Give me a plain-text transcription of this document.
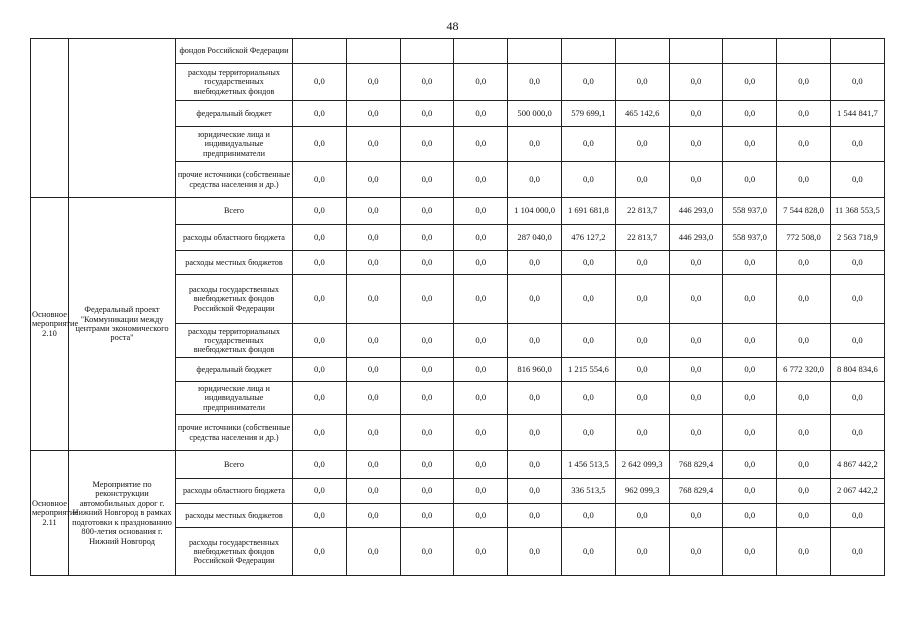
48
		фондов Российской Федерации											
		расходы территориальных государственных внебюджетных фондов	0,0	0,0	0,0	0,0	0,0	0,0	0,0	0,0	0,0	0,0	0,0
		федеральный бюджет	0,0	0,0	0,0	0,0	500 000,0	579 699,1	465 142,6	0,0	0,0	0,0	1 544 841,7
		юридические лица и индивидуальные предприниматели	0,0	0,0	0,0	0,0	0,0	0,0	0,0	0,0	0,0	0,0	0,0
		прочие источники (собственные средства населения и др.)	0,0	0,0	0,0	0,0	0,0	0,0	0,0	0,0	0,0	0,0	0,0
Основное мероприятие 2.10	Федеральный проект "Коммуникации между центрами экономического роста"	Всего	0,0	0,0	0,0	0,0	1 104 000,0	1 691 681,8	22 813,7	446 293,0	558 937,0	7 544 828,0	11 368 553,5
		расходы областного бюджета	0,0	0,0	0,0	0,0	287 040,0	476 127,2	22 813,7	446 293,0	558 937,0	772 508,0	2 563 718,9
		расходы местных бюджетов	0,0	0,0	0,0	0,0	0,0	0,0	0,0	0,0	0,0	0,0	0,0
		расходы государственных внебюджетных фондов Российской Федерации	0,0	0,0	0,0	0,0	0,0	0,0	0,0	0,0	0,0	0,0	0,0
		расходы территориальных государственных внебюджетных фондов	0,0	0,0	0,0	0,0	0,0	0,0	0,0	0,0	0,0	0,0	0,0
		федеральный бюджет	0,0	0,0	0,0	0,0	816 960,0	1 215 554,6	0,0	0,0	0,0	6 772 320,0	8 804 834,6
		юридические лица и индивидуальные предприниматели	0,0	0,0	0,0	0,0	0,0	0,0	0,0	0,0	0,0	0,0	0,0
		прочие источники (собственные средства населения и др.)	0,0	0,0	0,0	0,0	0,0	0,0	0,0	0,0	0,0	0,0	0,0
Основное мероприятие 2.11	Мероприятие по реконструкции автомобильных дорог г. Нижний Новгород в рамках подготовки к празднованию 800-летия основания г. Нижний Новгород	Всего	0,0	0,0	0,0	0,0	0,0	1 456 513,5	2 642 099,3	768 829,4	0,0	0,0	4 867 442,2
		расходы областного бюджета	0,0	0,0	0,0	0,0	0,0	336 513,5	962 099,3	768 829,4	0,0	0,0	2 067 442,2
		расходы местных бюджетов	0,0	0,0	0,0	0,0	0,0	0,0	0,0	0,0	0,0	0,0	0,0
		расходы государственных внебюджетных фондов Российской Федерации	0,0	0,0	0,0	0,0	0,0	0,0	0,0	0,0	0,0	0,0	0,0
